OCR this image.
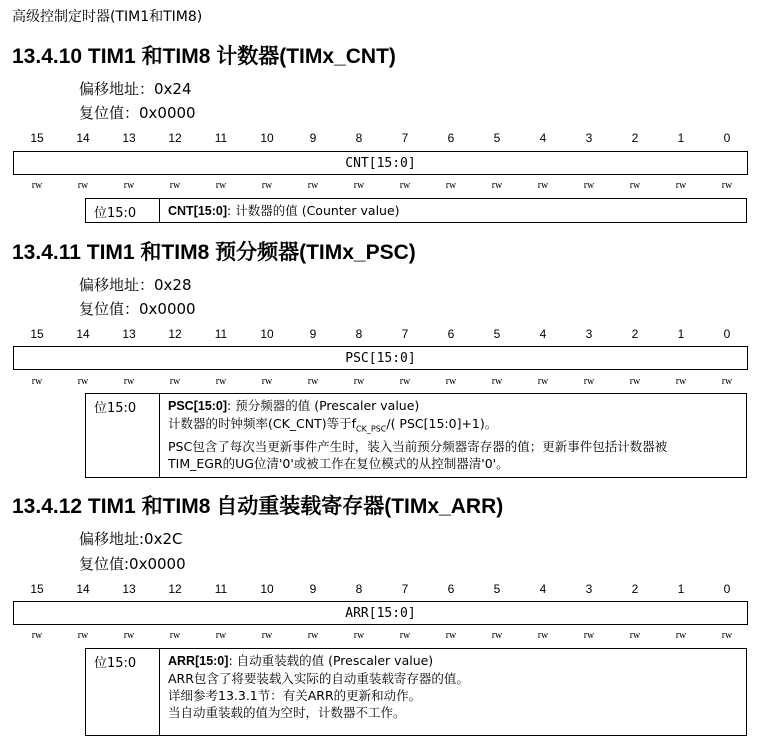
高级控制定时器(TIM1和TIM8)
13.4.10 TIM1 和TIM8 计数器(TIMx_CNT)
偏移地址：0x24
复位值：0x0000
15	14	13	12	11	10	9	8	7	6	5	4	3	2	1	0
CNT[15:0]
rw	rw	rw	rw	rw	rw	rw	rw	rw	rw	rw	rw	rw	rw	rw	rw
位15:0	CNT[15:0]: 计数器的值 (Counter value)
13.4.11 TIM1 和TIM8 预分频器(TIMx_PSC)
偏移地址：0x28
复位值：0x0000
15	14	13	12	11	10	9	8	7	6	5	4	3	2	1	0
PSC[15:0]
rw	rw	rw	rw	rw	rw	rw	rw	rw	rw	rw	rw	rw	rw	rw	rw
位15:0	PSC[15:0]: 预分频器的值 (Prescaler value)
计数器的时钟频率(CK_CNT)等于$f_{CK\_PSC}/$( PSC[15:0]+1)。
PSC包含了每次当更新事件产生时，装入当前预分频器寄存器的值；更新事件包括计数器被
TIM_EGR的UG位清'0'或被工作在复位模式的从控制器清'0'。
13.4.12 TIM1 和TIM8 自动重装载寄存器(TIMx_ARR)
偏移地址:0x2C
复位值:0x0000
15	14	13	12	11	10	9	8	7	6	5	4	3	2	1	0
ARR[15:0]
rw	rw	rw	rw	rw	rw	rw	rw	rw	rw	rw	rw	rw	rw	rw	rw
位15:0	ARR[15:0]: 自动重装载的值 (Prescaler value)
ARR包含了将要装载入实际的自动重装载寄存器的值。
详细参考13.3.1节：有关ARR的更新和动作。
当自动重装载的值为空时，计数器不工作。
